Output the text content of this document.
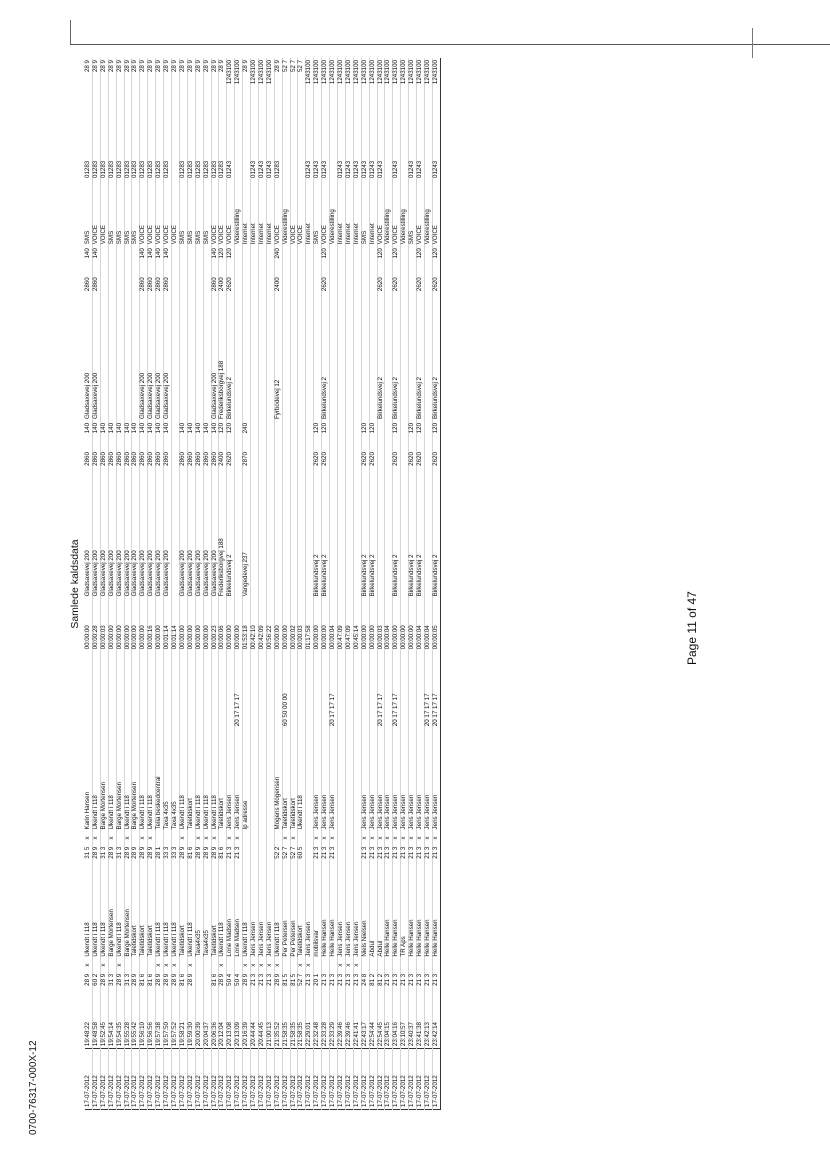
Samlede kaldsdata
17-07-2012	19:48:22	28 9	x	Ukendt i 118	31 5	x	Karin Hansen		00:00:00	Gladsaxevej 200	2860	140	Gladsaxevej 200	2860	140	SMS	01283		28 9
17-07-2012	19:48:58	60 2		Ukendt i 118	28 9	x	Ukendt i 118		00:00:28	Gladsaxevej 200	2860	140	Gladsaxevej 200	2860	140	VOICE	01283		28 9
17-07-2012	19:52:45	28 9	x	Ukendt i 118	31 3		Barge Mortensen		00:00:03	Gladsaxevej 200	2860	140				VOICE	01283		28 9
17-07-2012	19:54:14	31 3		Barge Mortensen	28 9	x	Ukendt i 118		00:00:00	Gladsaxevej 200	2860	140				SMS	01283		28 9
17-07-2012	19:54:35	28 9	x	Ukendt i 118	31 3		Barge Mortensen		00:00:00	Gladsaxevej 200	2860	140				SMS	01283		28 9
17-07-2012	19:55:28	31 3		Barge Mortensen	28 9	x	Ukendt i 118		00:00:00	Gladsaxevej 200	2860	140				SMS	01283		28 9
17-07-2012	19:55:42	28 9		Taletidskort	28 9		Barge Mortensen		00:00:00	Gladsaxevej 200	2860	140				SMS	01283		28 9
17-07-2012	19:56:10	81 6		Taletidskort	28 9	x	Ukendt i 118		00:00:00	Gladsaxevej 200	2860	140	Gladsaxevej 200	2860	140	VOICE	01283		28 9
17-07-2012	19:56:56	81 6		Taletidskort	28 9	x	Ukendt i 118		00:00:16	Gladsaxevej 200	2860	140	Gladsaxevej 200	2860	140	VOICE	01283		28 9
17-07-2012	19:57:38	28 9	x	Ukendt i 118	28 1		Telia beskedcentral		00:00:00	Gladsaxevej 200	2860	140	Gladsaxevej 200	2860	140	VOICE	01283		28 9
17-07-2012	19:57:50	28 9	x	Ukendt i 118	33 3		Taxa 4x35		00:01:14	Gladsaxevej 200	2860	140	Gladsaxevej 200	2860	140	VOICE	01283		28 9
17-07-2012	19:57:52	28 9	x	Ukendt i 118	33 3		Taxa 4x35		00:01:14							VOICE			28 9
17-07-2012	19:58:21	81 6		Taletidskort	28 9	x	Ukendt i 118		00:00:00	Gladsaxevej 200	2860	140				SMS	01283		28 9
17-07-2012	19:59:30	28 9	x	Ukendt i 118	81 6		Taletidskort		00:00:00	Gladsaxevej 200	2860	140				SMS	01283		28 9
17-07-2012	20:00:39			Taxa4x35	28 9	x	Ukendt i 118		00:00:00	Gladsaxevej 200	2860	140				SMS	01283		28 9
17-07-2012	20:04:37			Taxa4x35	28 9	x	Ukendt i 118		00:00:00	Gladsaxevej 200	2860	140				SMS	01283		28 9
17-07-2012	20:06:36	81 6		Taletidskort	28 9	x	Ukendt i 118		00:00:23	Gladsaxevej 200	2860	140	Gladsaxevej 200	2860	140	VOICE	01283		28 9
17-07-2012	20:12:04	28 9	x	Ukendt i 118	81 6		Taletidskort		00:00:06	Frederiksborgvej 188	2400	120	Frederiksborgvej 188	2400	120	VOICE	01283		28 9
17-07-2012	20:13:08	50 4		Lone Madsen	21 3	x	Jens Jensen		00:00:00	Birkelundsvej 2	2620	120	Birkelundsvej 2	2620	120	VOICE	01243		1243100
17-07-2012	20:13:09	50 4		Lone Madsen	21 3	x	Jens Jensen	20 17 17 17	00:00:00							Viderestilling			1243100
17-07-2012	20:16:39	28 9	x	Ukendt i 118			Ip adresse		01:53:18	Vangedevej 237	2870	240				Internet			28 9
17-07-2012	20:44:44	21 3	x	Jens Jensen					00:42:10							Internet	01243		1243100
17-07-2012	20:44:45	21 3	x	Jens Jensen					00:42:09							Internet	01243		1243100
17-07-2012	21:00:13	21 3	x	Jens Jensen					00:56:22							Internet	01243		1243100
17-07-2012	21:35:52	28 9	x	Ukendt i 118	52 2		Mogens Mogensen		00:00:00				Fyrbodevej 12	2400	240	VOICE	01283		28 9
17-07-2012	21:58:35	81 5		Per Petersen	52 7	x	Taletidskort	60 50 00 00	00:00:00							Viderestilling			52 7
17-07-2012	21:58:35	81 5		Per Petersen	52 7	x	Taletidskort		00:00:02							VOICE			52 7
17-07-2012	21:58:35	52 7	x	Taletidskort	60 5		Ukendt i 118		00:00:03							VOICE			52 7
17-07-2012	22:29:01	21 3	x	Jens Jensen					01:17:58							Internet	01243		1243100
17-07-2012	22:32:48	20 1		mobilsvar	21 3	x	Jens Jensen		00:00:00	Birkelundsvej 2	2620	120				SMS	01243		1243100
17-07-2012	22:33:28	21 3		Helle Hansen	21 3	x	Jens Jensen		00:00:00	Birkelundsvej 2	2620	120	Birkelundsvej 2	2620	120	VOICE	01243		1243100
17-07-2012	22:33:29	21 3		Helle Hansen	21 3	x	Jens Jensen	20 17 17 17	00:00:04							Viderestilling			1243100
17-07-2012	22:39:46	21 3	x	Jens Jensen					00:47:09							Internet	01243		1243100
17-07-2012	22:39:46	21 3	x	Jens Jensen					00:47:09							Internet	01243		1243100
17-07-2012	22:41:41	21 3	x	Jens Jensen					00:45:14							Internet	01243		1243100
17-07-2012	22:43:17	24 8		Niels Nielsen	21 3	x	Jens Jensen		00:00:00	Birkelundsvej 2	2620	120				SMS	01243		1243100
17-07-2012	22:54:44	81 2		Abdul	21 3	x	Jens Jensen		00:00:00	Birkelundsvej 2	2620	120				Internet	01243		1243100
17-07-2012	22:54:45	81 2		Abdul	21 3	x	Jens Jensen	20 17 17 17	00:00:03				Birkelundsvej 2	2620	120	VOICE	01243		1243100
17-07-2012	23:04:15	21 3		Helle Hansen	21 3	x	Jens Jensen		00:00:04							Viderestilling			1243100
17-07-2012	23:04:16	21 3		Helle Hansen	21 3	x	Jens Jensen	20 17 17 17	00:00:00	Birkelundsvej 2	2620	120	Birkelundsvej 2	2620	120	VOICE	01243		1243100
17-07-2012	23:10:57	21 3		TR Aps	21 3	x	Jens Jensen		00:00:00							Viderestilling			1243100
17-07-2012	23:40:37	21 3		Helle Hansen	21 3	x	Jens Jensen		00:00:00	Birkelundsvej 2	2620	120				SMS	01243		1243100
17-07-2012	23:41:38	21 3		Helle Hansen	21 3	x	Jens Jensen		00:00:04	Birkelundsvej 2	2620	120	Birkelundsvej 2	2620	120	VOICE	01243		1243100
17-07-2012	23:42:13	21 3		Helle Hansen	21 3	x	Jens Jensen	20 17 17 17	00:00:04							Viderestilling			1243100
17-07-2012	23:42:14	21 3		Helle Hansen	21 3	x	Jens Jensen	20 17 17 17	00:00:05	Birkelundsvej 2	2620	120	Birkelundsvej 2	2620	120	VOICE	01243		1243100
Page 11 of 47
0700-76317-000X-12
